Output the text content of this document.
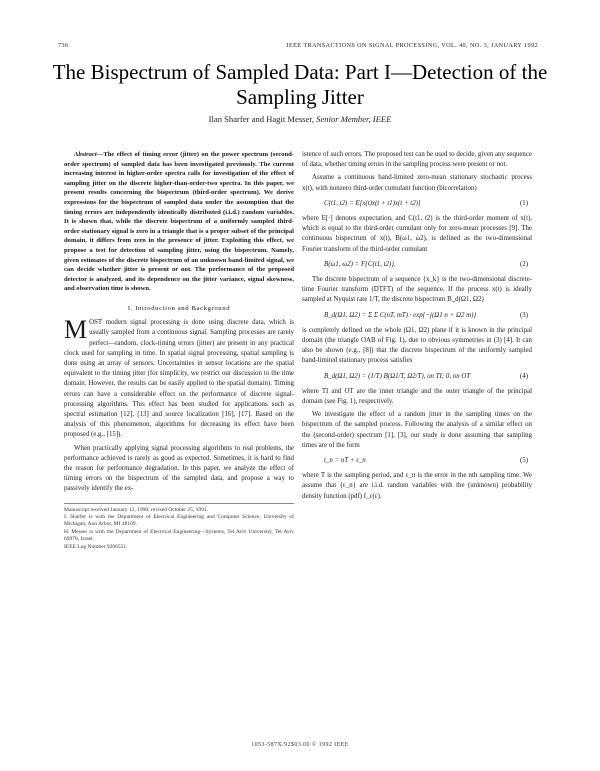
736	IEEE TRANSACTIONS ON SIGNAL PROCESSING, VOL. 40, NO. 3, JANUARY 1992
The Bispectrum of Sampled Data: Part I—Detection of the Sampling Jitter
Ilan Sharfer and Hagit Messer, Senior Member, IEEE

Abstract—The effect of timing error (jitter) on the power spectrum (second-order spectrum) of sampled data has been investigated previously. The current increasing interest in higher-order spectra calls for investigation of the effect of sampling jitter on the discrete higher-than-order-two spectra. In this paper, we present results concerning the bispectrum (third-order spectrum). We derive expressions for the bispectrum of sampled data under the assumption that the timing errors are independently identically distributed (i.i.d.) random variables. It is shown that, while the discrete bispectrum of a uniformly sampled third-order stationary signal is zero in a triangle that is a proper subset of the principal domain, it differs from zero in the presence of jitter. Exploiting this effect, we propose a test for detection of sampling jitter, using the bispectrum. Namely, given estimates of the discrete bispectrum of an unknown band-limited signal, we can decide whether jitter is present or not. The performance of the proposed detector is analyzed, and its dependence on the jitter variance, signal skewness, and observation time is shown.

I. Introduction and Background

MOST modern signal processing is done using discrete data, which is usually sampled from a continuous signal. Sampling processes are rarely perfect—random, clock-timing errors (jitter) are present in any practical clock used for sampling in time. In spatial signal processing, spatial sampling is done using an array of sensors. Uncertainties in sensor locations are the spatial equivalent to the timing jitter (for simplicity, we restrict our discussion to the time domain. However, the results can be easily applied to the spatial domain). Timing errors can have a considerable effect on the performance of discrete signal-processing algorithms. This effect has been studied for applications such as spectral estimation [12], [13] and source localization [16], [17]. Based on the analysis of this phenomenon, algorithms for decreasing its effect have been proposed (e.g., [15]).

When practically applying signal processing algorithms to real problems, the performance achieved is rarely as good as expected. Sometimes, it is hard to find the reason for performance degradation. In this paper, we analyze the effect of timing errors on the bispectrum of the sampled data, and propose a way to passively identify the ex-

Manuscript received January 12, 1990; revised October 25, 1991.
I. Sharfer is with the Department of Electrical Engineering and Computer Science, University of Michigan, Ann Arbor, MI 48109.
H. Messer is with the Department of Electrical Engineering—Systems, Tel Aviv University, Tel Aviv 69978, Israel.
IEEE Log Number 9206551.

istence of such errors. The proposed test can be used to decide, given any sequence of data, whether timing errors in the sampling process were present or not.

Assume a continuous band-limited zero-mean stationary stochastic process x(t), with nonzero third-order cumulant function (bicorrelation)

C(t1, t2) = E[x(t)x(t + t1)x(t + t2)]	(1)

where E[·] denotes expectation, and C(t1, t2) is the third-order moment of x(t), which is equal to the third-order cumulant only for zero-mean processes [9]. The continuous bispectrum of x(t), B(ω1, ω2), is defined as the two-dimensional Fourier transform of the third-order cumulant

B(ω1, ω2) = F{C(t1, t2)}.	(2)

The discrete bispectrum of a sequence {x_k} is the two-dimensional discrete-time Fourier transform (DTFT) of the sequence. If the process x(t) is ideally sampled at Nyquist rate 1/T, the discrete bispectrum B_d(Ω1, Ω2)

B_d(Ω1, Ω2) = Σ Σ C(nT, mT) · exp{−j(Ω1 n + Ω2 m)}	(3)

is completely defined on the whole (Ω1, Ω2) plane if it is known in the principal domain (the triangle OAB of Fig. 1), due to obvious symmetries in (3) [4]. It can also be shown (e.g., [8]) that the discrete bispectrum of the uniformly sampled band-limited stationary process satisfies

B_d(Ω1, Ω2) = (1/T) B(Ω1/T, Ω2/T), on TI; 0, on OT	(4)

where TI and OT are the inner triangle and the outer triangle of the principal domain (see Fig. 1), respectively.

We investigate the effect of a random jitter in the sampling times on the bispectrum of the sampled process. Following the analysis of a similar effect on the (second-order) spectrum [1], [3], our study is done assuming that sampling times are of the form

t_n = nT + ε_n	(5)

where T is the sampling period, and ε_n is the error in the nth sampling time. We assume that {ε_n} are i.i.d. random variables with the (unknown) probability density function (pdf) f_ε(ε).

1053-587X/92$03.00 © 1992 IEEE
